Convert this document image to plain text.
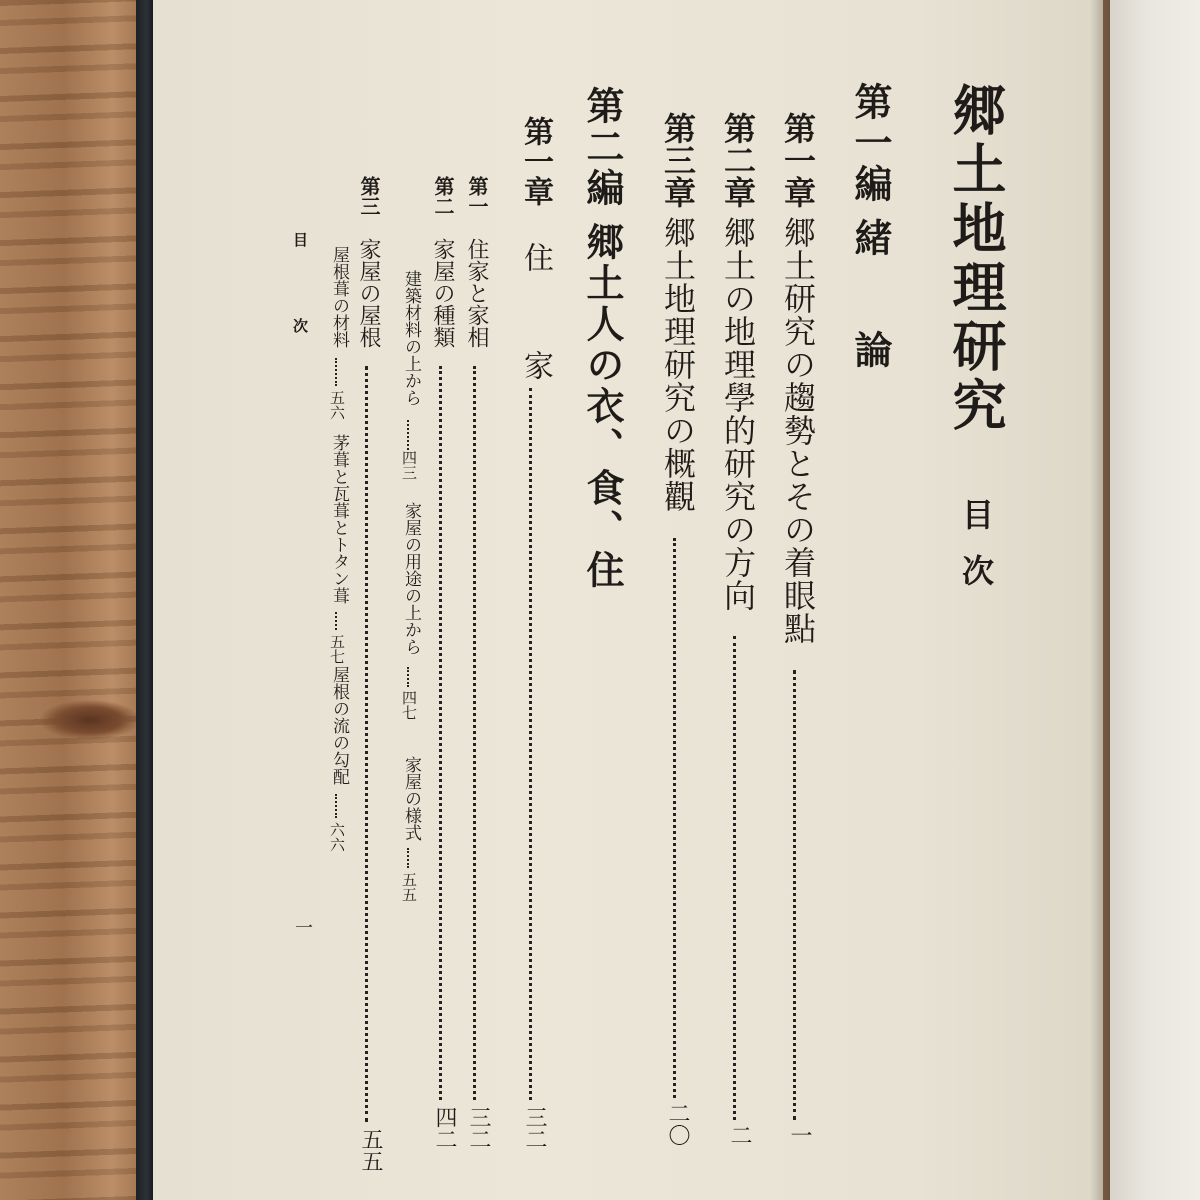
郷土地理研究
目次
第一編
緒　論
第一章
郷土研究の趨勢とその着眼點
一
第二章
郷土の地理學的研究の方向
二
第三章
郷土地理研究の概觀
二〇
第二編
郷土人の衣、食、住
第一章
住　家
三二
第一
住家と家相
三二
第二
家屋の種類
四二
建築材料の上から
四三
家屋の用途の上から
四七
家屋の様式
五五
第三
家屋の屋根
五五
屋根葺の材料
五六
茅葺と瓦葺とトタン葺
五七
屋根の流の勾配
六六
目　次
一
